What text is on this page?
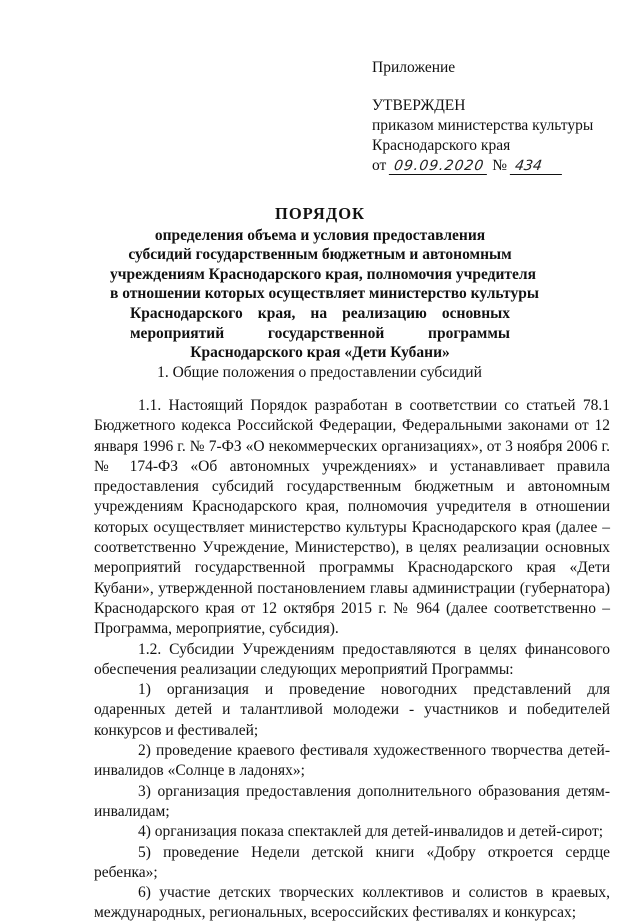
Приложение
УТВЕРЖДЕН
приказом министерства культуры
Краснодарского края
от 09.09.2020 № 434
ПОРЯДОК
определения объема и условия предоставления
субсидий государственным бюджетным и автономным
учреждениям Краснодарского края, полномочия учредителя
в отношении которых осуществляет министерство культуры
Краснодарского края, на реализацию основных
мероприятий государственной программы
Краснодарского края «Дети Кубани»
1. Общие положения о предоставлении субсидий

1.1. Настоящий Порядок разработан в соответствии со статьей 78.1 Бюджетного кодекса Российской Федерации, Федеральными законами от 12 января 1996 г. № 7-ФЗ «О некоммерческих организациях», от 3 ноября 2006 г. № 174-ФЗ «Об автономных учреждениях» и устанавливает правила предоставления субсидий государственным бюджетным и автономным учреждениям Краснодарского края, полномочия учредителя в отношении которых осуществляет министерство культуры Краснодарского края (далее – соответственно Учреждение, Министерство), в целях реализации основных мероприятий государственной программы Краснодарского края «Дети Кубани», утвержденной постановлением главы администрации (губернатора) Краснодарского края от 12 октября 2015 г. № 964 (далее соответственно – Программа, мероприятие, субсидия).

1.2. Субсидии Учреждениям предоставляются в целях финансового обеспечения реализации следующих мероприятий Программы:

1) организация и проведение новогодних представлений для одаренных детей и талантливой молодежи - участников и победителей конкурсов и фестивалей;

2) проведение краевого фестиваля художественного творчества детей-инвалидов «Солнце в ладонях»;

3) организация предоставления дополнительного образования детям-инвалидам;

4) организация показа спектаклей для детей-инвалидов и детей-сирот;

5) проведение Недели детской книги «Добру откроется сердце ребенка»;

6) участие детских творческих коллективов и солистов в краевых, международных, региональных, всероссийских фестивалях и конкурсах;
